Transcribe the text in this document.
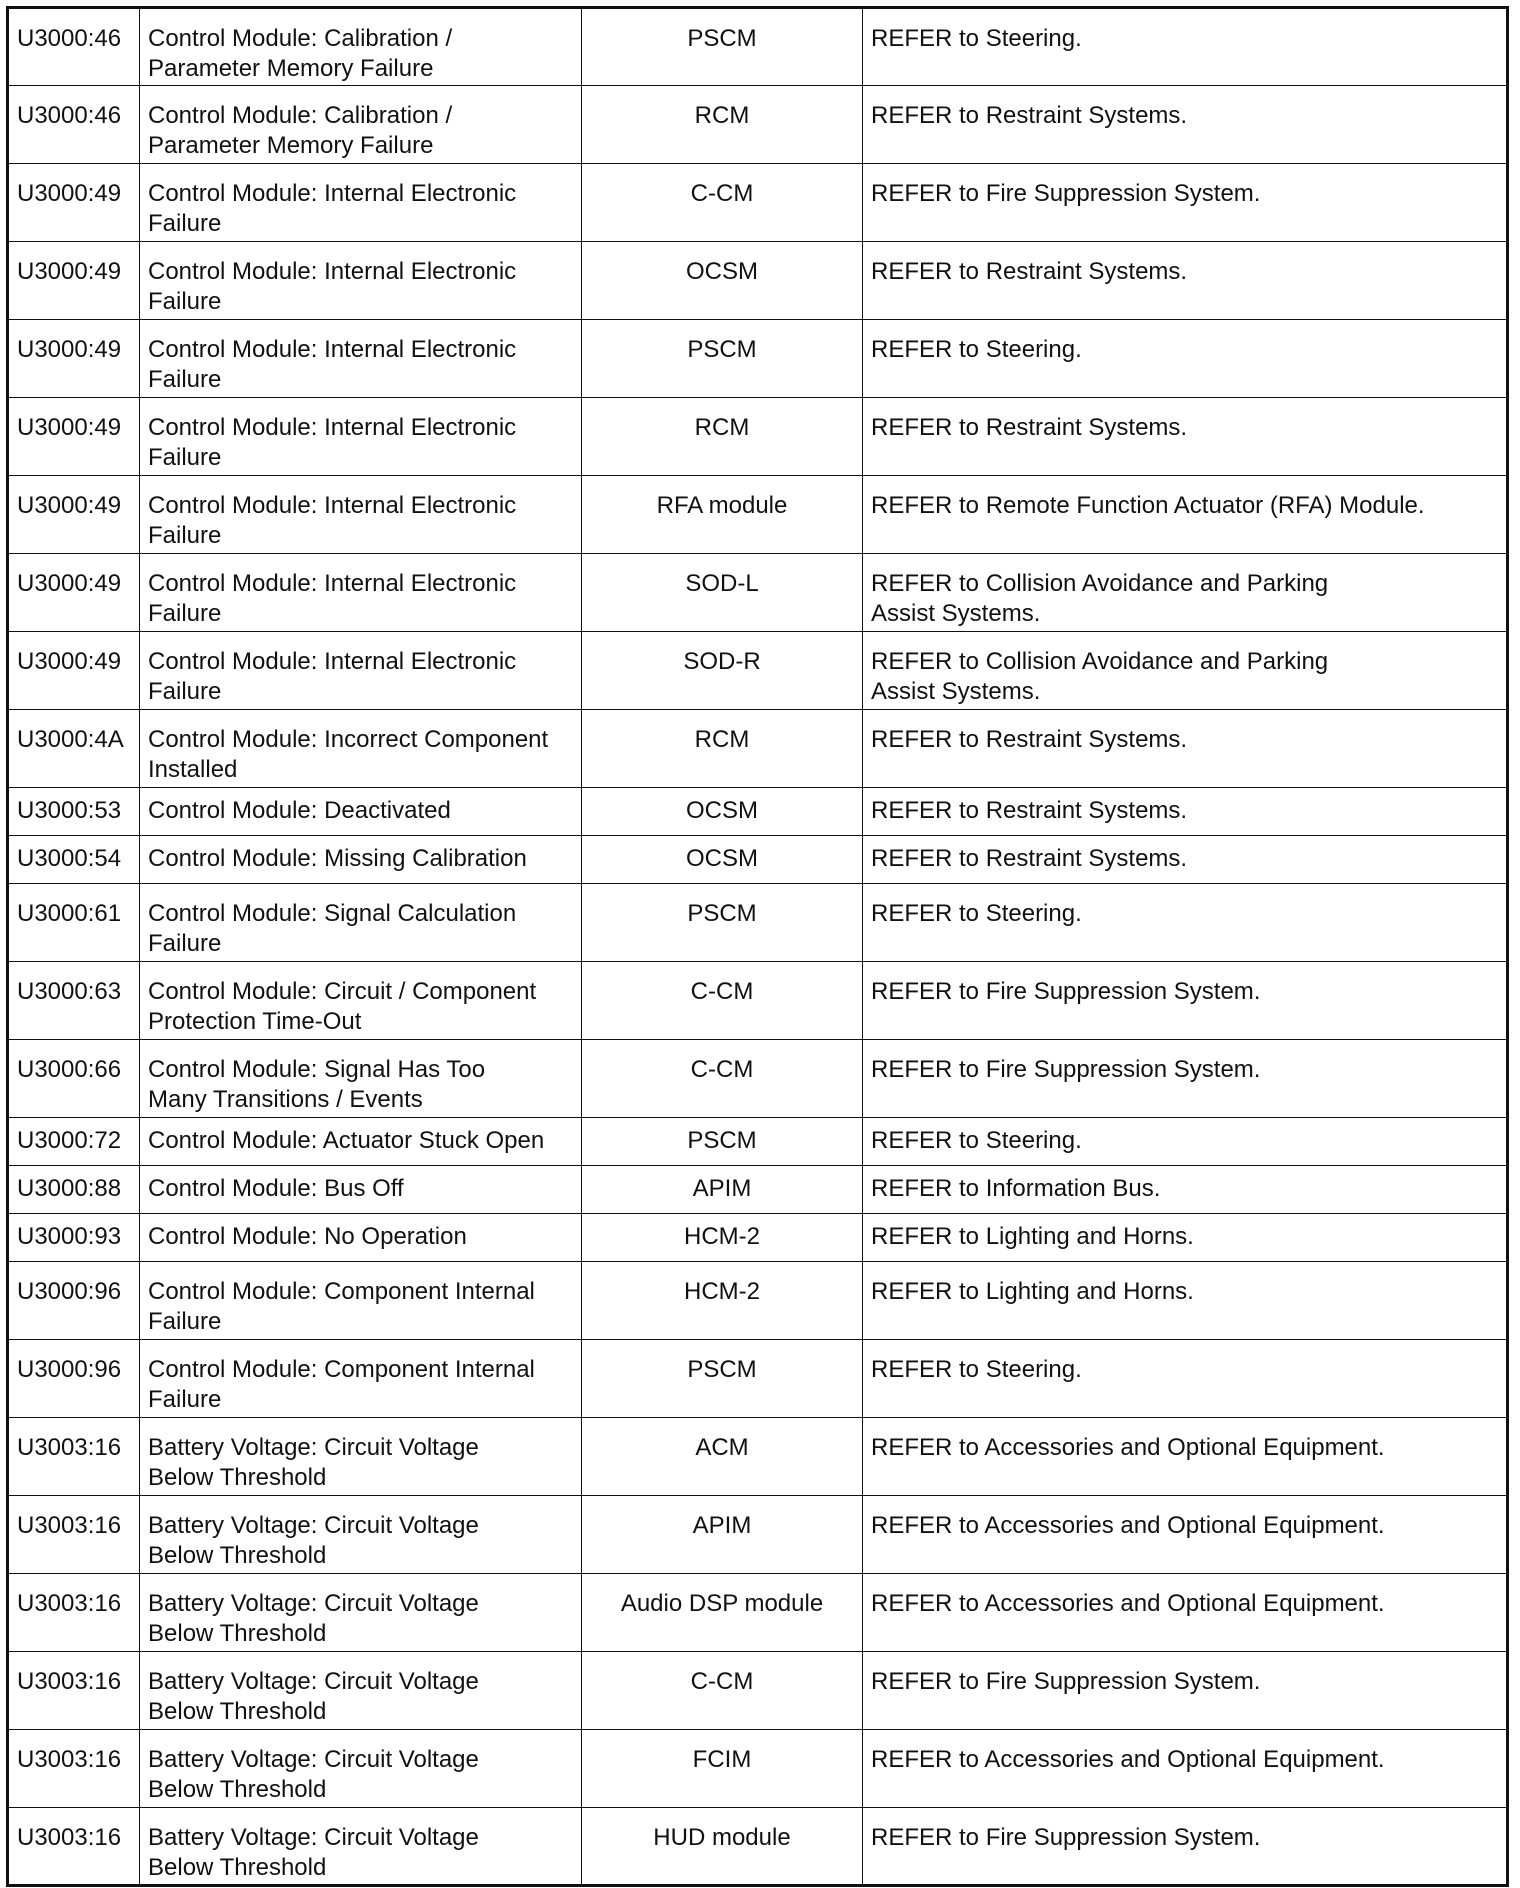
U3000:46	Control Module: Calibration /
Parameter Memory Failure	PSCM	REFER to Steering.
U3000:46	Control Module: Calibration /
Parameter Memory Failure	RCM	REFER to Restraint Systems.
U3000:49	Control Module: Internal Electronic
Failure	C-CM	REFER to Fire Suppression System.
U3000:49	Control Module: Internal Electronic
Failure	OCSM	REFER to Restraint Systems.
U3000:49	Control Module: Internal Electronic
Failure	PSCM	REFER to Steering.
U3000:49	Control Module: Internal Electronic
Failure	RCM	REFER to Restraint Systems.
U3000:49	Control Module: Internal Electronic
Failure	RFA module	REFER to Remote Function Actuator (RFA) Module.
U3000:49	Control Module: Internal Electronic
Failure	SOD-L	REFER to Collision Avoidance and Parking
Assist Systems.
U3000:49	Control Module: Internal Electronic
Failure	SOD-R	REFER to Collision Avoidance and Parking
Assist Systems.
U3000:4A	Control Module: Incorrect Component
Installed	RCM	REFER to Restraint Systems.
U3000:53	Control Module: Deactivated	OCSM	REFER to Restraint Systems.
U3000:54	Control Module: Missing Calibration	OCSM	REFER to Restraint Systems.
U3000:61	Control Module: Signal Calculation
Failure	PSCM	REFER to Steering.
U3000:63	Control Module: Circuit / Component
Protection Time-Out	C-CM	REFER to Fire Suppression System.
U3000:66	Control Module: Signal Has Too
Many Transitions / Events	C-CM	REFER to Fire Suppression System.
U3000:72	Control Module: Actuator Stuck Open	PSCM	REFER to Steering.
U3000:88	Control Module: Bus Off	APIM	REFER to Information Bus.
U3000:93	Control Module: No Operation	HCM-2	REFER to Lighting and Horns.
U3000:96	Control Module: Component Internal
Failure	HCM-2	REFER to Lighting and Horns.
U3000:96	Control Module: Component Internal
Failure	PSCM	REFER to Steering.
U3003:16	Battery Voltage: Circuit Voltage
Below Threshold	ACM	REFER to Accessories and Optional Equipment.
U3003:16	Battery Voltage: Circuit Voltage
Below Threshold	APIM	REFER to Accessories and Optional Equipment.
U3003:16	Battery Voltage: Circuit Voltage
Below Threshold	Audio DSP module	REFER to Accessories and Optional Equipment.
U3003:16	Battery Voltage: Circuit Voltage
Below Threshold	C-CM	REFER to Fire Suppression System.
U3003:16	Battery Voltage: Circuit Voltage
Below Threshold	FCIM	REFER to Accessories and Optional Equipment.
U3003:16	Battery Voltage: Circuit Voltage
Below Threshold	HUD module	REFER to Fire Suppression System.
